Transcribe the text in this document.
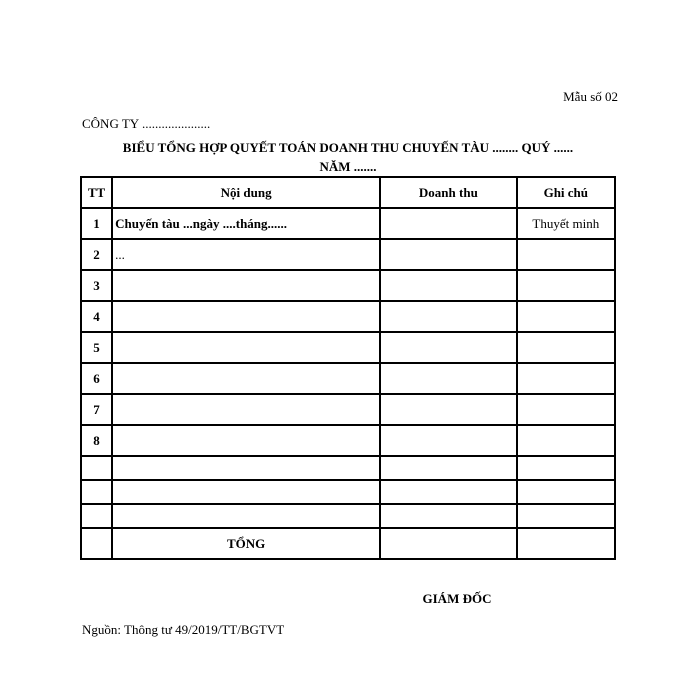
Mẫu số 02
CÔNG TY .....................
BIỂU TỔNG HỢP QUYẾT TOÁN DOANH THU CHUYẾN TÀU ........ QUÝ ......
NĂM .......
TT	Nội dung	Doanh thu	Ghi chú
1	Chuyến tàu ...ngày ....tháng......		Thuyết minh
2	...		
3			
4			
5			
6			
7			
8			

	TỔNG		
GIÁM ĐỐC
Nguồn: Thông tư 49/2019/TT/BGTVT
